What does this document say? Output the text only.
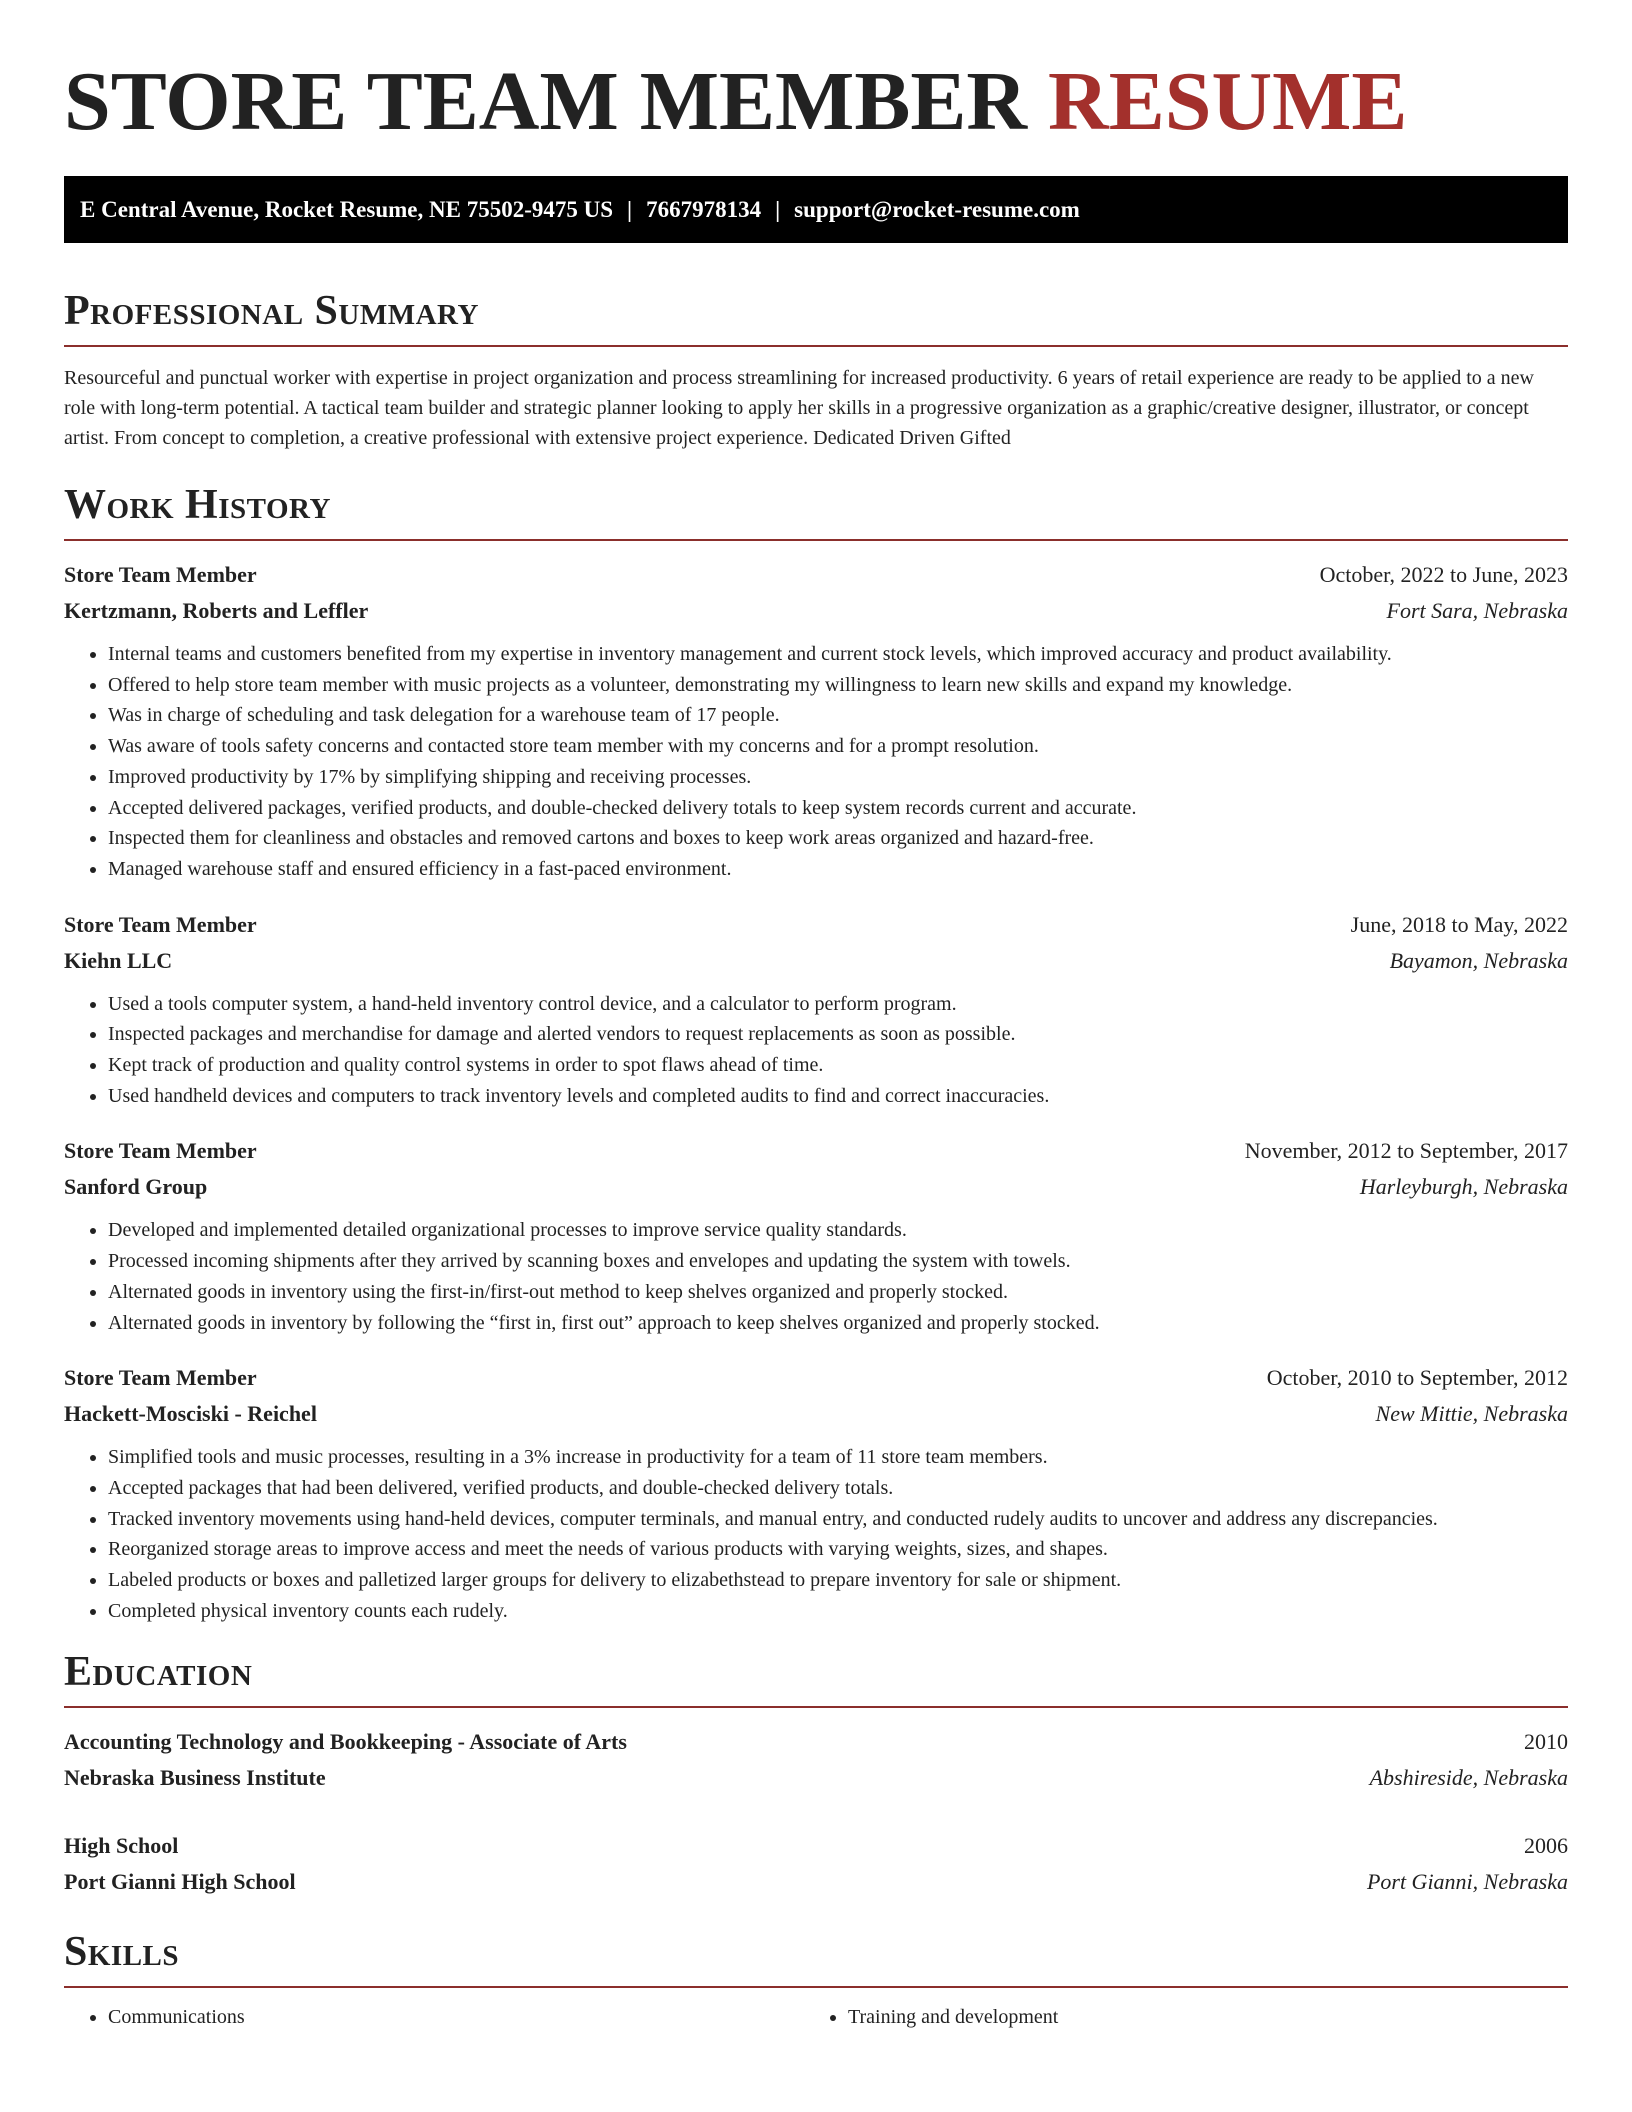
STORE TEAM MEMBER RESUME
E Central Avenue, Rocket Resume, NE 75502-9475 US | 7667978134 | support@rocket-resume.com
Professional Summary

Resourceful and punctual worker with expertise in project organization and process streamlining for increased productivity. 6 years of retail experience are ready to be applied to a new role with long-term potential. A tactical team builder and strategic planner looking to apply her skills in a progressive organization as a graphic/creative designer, illustrator, or concept artist. From concept to completion, a creative professional with extensive project experience. Dedicated Driven Gifted

Work History
Store Team Member	October, 2022 to June, 2023
Kertzmann, Roberts and Leffler	Fort Sara, Nebraska
• Internal teams and customers benefited from my expertise in inventory management and current stock levels, which improved accuracy and product availability.
• Offered to help store team member with music projects as a volunteer, demonstrating my willingness to learn new skills and expand my knowledge.
• Was in charge of scheduling and task delegation for a warehouse team of 17 people.
• Was aware of tools safety concerns and contacted store team member with my concerns and for a prompt resolution.
• Improved productivity by 17% by simplifying shipping and receiving processes.
• Accepted delivered packages, verified products, and double-checked delivery totals to keep system records current and accurate.
• Inspected them for cleanliness and obstacles and removed cartons and boxes to keep work areas organized and hazard-free.
• Managed warehouse staff and ensured efficiency in a fast-paced environment.
Store Team Member	June, 2018 to May, 2022
Kiehn LLC	Bayamon, Nebraska
• Used a tools computer system, a hand-held inventory control device, and a calculator to perform program.
• Inspected packages and merchandise for damage and alerted vendors to request replacements as soon as possible.
• Kept track of production and quality control systems in order to spot flaws ahead of time.
• Used handheld devices and computers to track inventory levels and completed audits to find and correct inaccuracies.
Store Team Member	November, 2012 to September, 2017
Sanford Group	Harleyburgh, Nebraska
• Developed and implemented detailed organizational processes to improve service quality standards.
• Processed incoming shipments after they arrived by scanning boxes and envelopes and updating the system with towels.
• Alternated goods in inventory using the first-in/first-out method to keep shelves organized and properly stocked.
• Alternated goods in inventory by following the “first in, first out” approach to keep shelves organized and properly stocked.
Store Team Member	October, 2010 to September, 2012
Hackett-Mosciski - Reichel	New Mittie, Nebraska
• Simplified tools and music processes, resulting in a 3% increase in productivity for a team of 11 store team members.
• Accepted packages that had been delivered, verified products, and double-checked delivery totals.
• Tracked inventory movements using hand-held devices, computer terminals, and manual entry, and conducted rudely audits to uncover and address any discrepancies.
• Reorganized storage areas to improve access and meet the needs of various products with varying weights, sizes, and shapes.
• Labeled products or boxes and palletized larger groups for delivery to elizabethstead to prepare inventory for sale or shipment.
• Completed physical inventory counts each rudely.
Education
Accounting Technology and Bookkeeping - Associate of Arts	2010
Nebraska Business Institute	Abshireside, Nebraska
High School	2006
Port Gianni High School	Port Gianni, Nebraska
Skills
• Communications
•	Training and development
